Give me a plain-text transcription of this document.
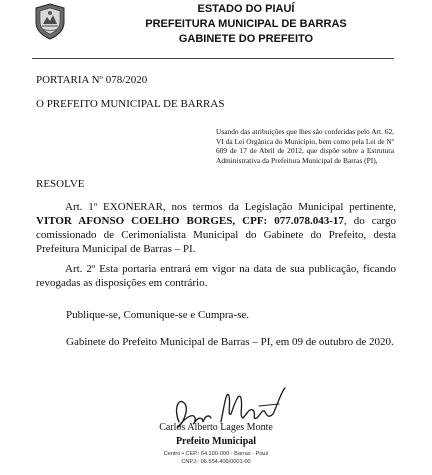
ESTADO DO PIAUÍ
PREFEITURA MUNICIPAL DE BARRAS
GABINETE DO PREFEITO
PORTARIA Nº 078/2020
O PREFEITO MUNICIPAL DE BARRAS
Usando das atribuições que lhes são conferidas pelo Art. 62, VI da Lei Orgânica do Município, bem como pela Lei de Nº 609 de 17 de Abril de 2012, que dispõe sobre a Estrutura Administrativa da Prefeitura Municipal de Barras (PI),
RESOLVE
Art. 1º EXONERAR, nos termos da Legislação Municipal pertinente, VITOR AFONSO COELHO BORGES, CPF: 077.078.043-17, do cargo comissionado de Cerimonialista Municipal do Gabinete do Prefeito, desta Prefeitura Municipal de Barras – PI.
Art. 2º Esta portaria entrará em vigor na data de sua publicação, ficando revogadas as disposições em contrário.
Publique-se, Comunique-se e Cumpra-se.
Gabinete do Prefeito Municipal de Barras – PI, em 09 de outubro de 2020.
Carlos Alberto Lages Monte
Prefeito Municipal
Centro • CEP.: 64.100-000 · Barras · Piauí
CNPJ.: 06.554.406/0001-00
